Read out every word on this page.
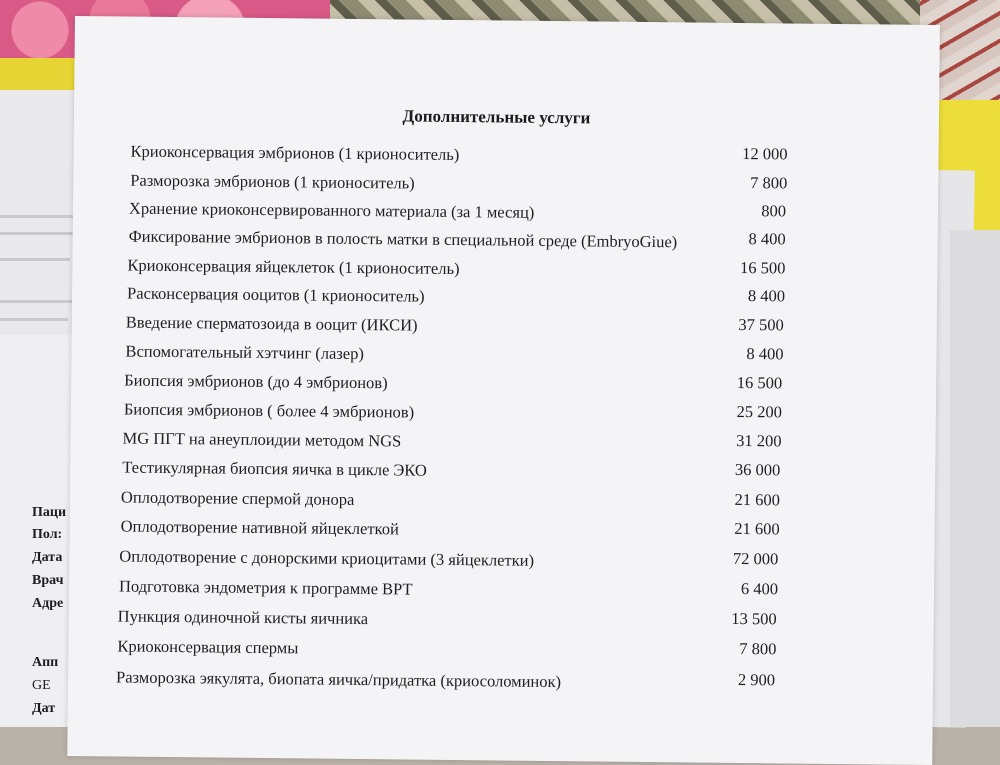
Паци
Пол:
Дата
Врач
Адре
Апп
GE
Дат
Дополнительные услуги
Криоконсервация эмбрионов (1 крионоситель)	12 000
Разморозка эмбрионов (1 крионоситель)	7 800
Хранение криоконсервированного материала (за 1 месяц)	800
Фиксирование эмбрионов в полость матки в специальной среде (EmbryoGiue)	8 400
Криоконсервация яйцеклеток (1 крионоситель)	16 500
Расконсервация ооцитов (1 крионоситель)	8 400
Введение сперматозоида в ооцит (ИКСИ)	37 500
Вспомогательный хэтчинг (лазер)	8 400
Биопсия эмбрионов (до 4 эмбрионов)	16 500
Биопсия эмбрионов ( более 4 эмбрионов)	25 200
MG ПГТ на анеуплоидии методом NGS	31 200
Тестикулярная биопсия яичка в цикле ЭКО	36 000
Оплодотворение спермой донора	21 600
Оплодотворение нативной яйцеклеткой	21 600
Оплодотворение с донорскими криоцитами (3 яйцеклетки)	72 000
Подготовка эндометрия к программе ВРТ	6 400
Пункция одиночной кисты яичника	13 500
Криоконсервация спермы	7 800
Разморозка эякулята, биопата яичка/придатка (криосоломинок)	2 900
